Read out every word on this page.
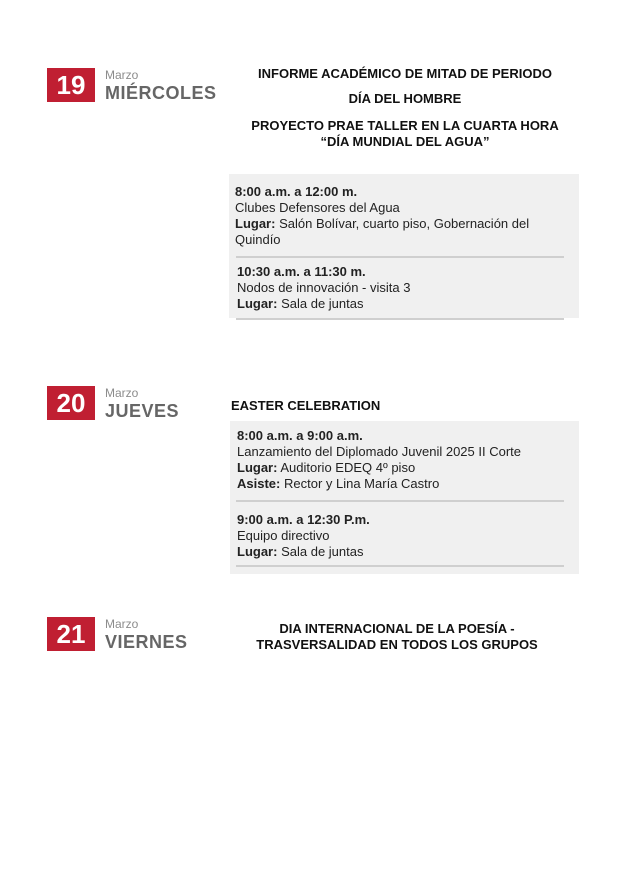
19	Marzo
MIÉRCOLES
INFORME ACADÉMICO DE MITAD DE PERIODO
DÍA DEL HOMBRE
PROYECTO PRAE TALLER EN LA CUARTA HORA
“DÍA MUNDIAL DEL AGUA”
8:00 a.m. a 12:00 m.
Clubes Defensores del Agua
Lugar: Salón Bolívar, cuarto piso, Gobernación del
Quindío
10:30 a.m. a 11:30 m.
Nodos de innovación - visita 3
Lugar: Sala de juntas
20	Marzo
JUEVES	EASTER CELEBRATION
8:00 a.m. a 9:00 a.m.
Lanzamiento del Diplomado Juvenil 2025 II Corte
Lugar: Auditorio EDEQ 4º piso
Asiste: Rector y Lina María Castro
9:00 a.m. a 12:30 P.m.
Equipo directivo
Lugar: Sala de juntas
21	Marzo
VIERNES
DIA INTERNACIONAL DE LA POESÍA -
TRASVERSALIDAD EN TODOS LOS GRUPOS
